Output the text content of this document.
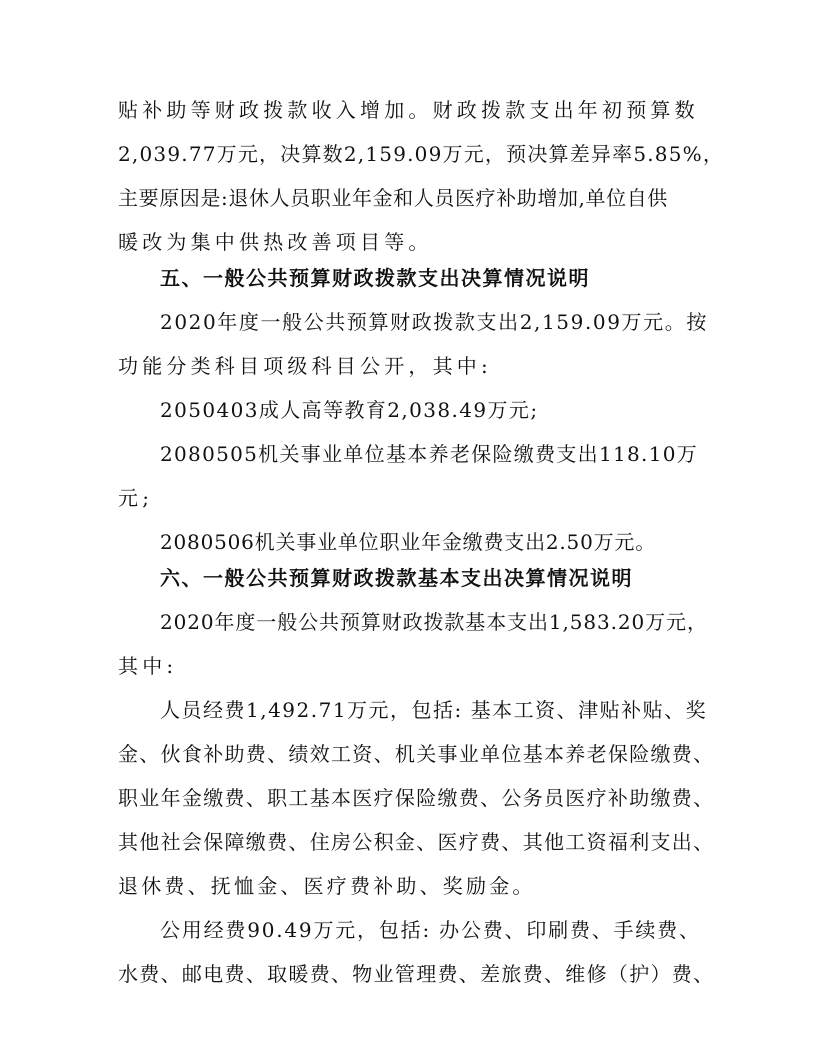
贴补助等财政拨款收入增加。财政拨款支出年初预算数
2,039.77万元，决算数2,159.09万元，预决算差异率5.85%，
主要原因是:退休人员职业年金和人员医疗补助增加,单位自供
暖改为集中供热改善项目等。
五、一般公共预算财政拨款支出决算情况说明
2020年度一般公共预算财政拨款支出2,159.09万元。按
功能分类科目项级科目公开，其中:
2050403成人高等教育2,038.49万元;
2080505机关事业单位基本养老保险缴费支出118.10万
元;
2080506机关事业单位职业年金缴费支出2.50万元。
六、一般公共预算财政拨款基本支出决算情况说明
2020年度一般公共预算财政拨款基本支出1,583.20万元，
其中:
人员经费1,492.71万元，包括: 基本工资、津贴补贴、奖
金、伙食补助费、绩效工资、机关事业单位基本养老保险缴费、
职业年金缴费、职工基本医疗保险缴费、公务员医疗补助缴费、
其他社会保障缴费、住房公积金、医疗费、其他工资福利支出、
退休费、抚恤金、医疗费补助、奖励金。
公用经费90.49万元，包括: 办公费、印刷费、手续费、
水费、邮电费、取暖费、物业管理费、差旅费、维修（护）费、
